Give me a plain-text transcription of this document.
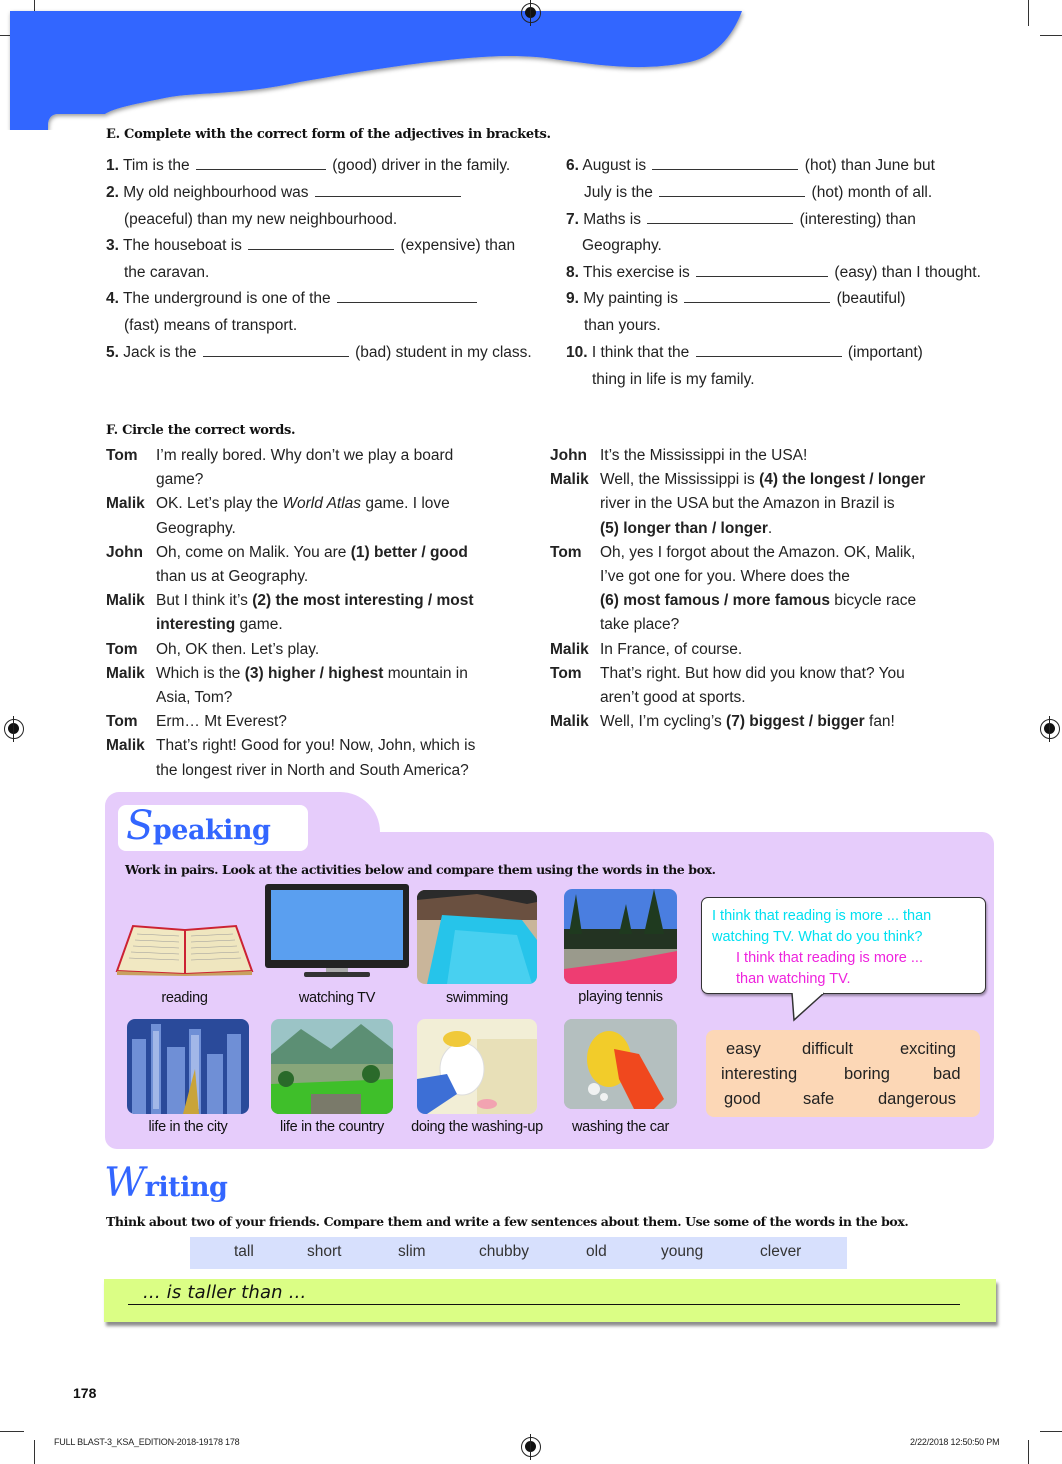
E. Complete with the correct form of the adjectives in brackets.
1. Tim is the	(good) driver in the family.
2. My old neighbourhood was
(peaceful) than my new neighbourhood.
3. The houseboat is	(expensive) than
the caravan.
4. The underground is one of the
(fast) means of transport.
5. Jack is the	(bad) student in my class.
6. August is	(hot) than June but
July is the	(hot) month of all.
7. Maths is	(interesting) than
Geography.
8. This exercise is	(easy) than I thought.
9. My painting is	(beautiful)
than yours.
10. I think that the	(important)
thing in life is my family.
F. Circle the correct words.
Tom	I’m really bored. Why don’t we play a board
game?
Malik OK. Let’s play the World Atlas game. I love
Geography.
John Oh, come on Malik. You are (1) better / good
than us at Geography.
Malik But I think it’s (2) the most interesting / most
interesting game.
Tom	Oh, OK then. Let’s play.
Malik Which is the (3) higher / highest mountain in
Asia, Tom?
Tom	Erm… Mt Everest?
Malik That’s right! Good for you! Now, John, which is
the longest river in North and South America?
John It’s the Mississippi in the USA!
Malik Well, the Mississippi is (4) the longest / longer
river in the USA but the Amazon in Brazil is
(5) longer than / longer.
Tom	Oh, yes I forgot about the Amazon. OK, Malik,
I’ve got one for you. Where does the
(6) most famous / more famous bicycle race
take place?
Malik In France, of course.
Tom	That’s right. But how did you know that? You
aren’t good at sports.
Malik Well, I’m cycling’s (7) biggest / bigger fan!
Speaking
Work in pairs. Look at the activities below and compare them using the words in the box.
reading	watching TV	swimming	playing tennis
life in the city	life in the country doing the washing-up washing the car
I think that reading is more ... than
watching TV. What do you think?
I think that reading is more ...
than watching TV.
easy difficult	exciting
interesting	boring	bad
good	safe	dangerous
Writing
Think about two of your friends. Compare them and write a few sentences about them. Use some of the words in the box.
tall	short	slim	chubby	old	young	clever
... is taller than ...
178
FULL BLAST-3_KSA_EDITION-2018-19178 178	2/22/2018 12:50:50 PM
